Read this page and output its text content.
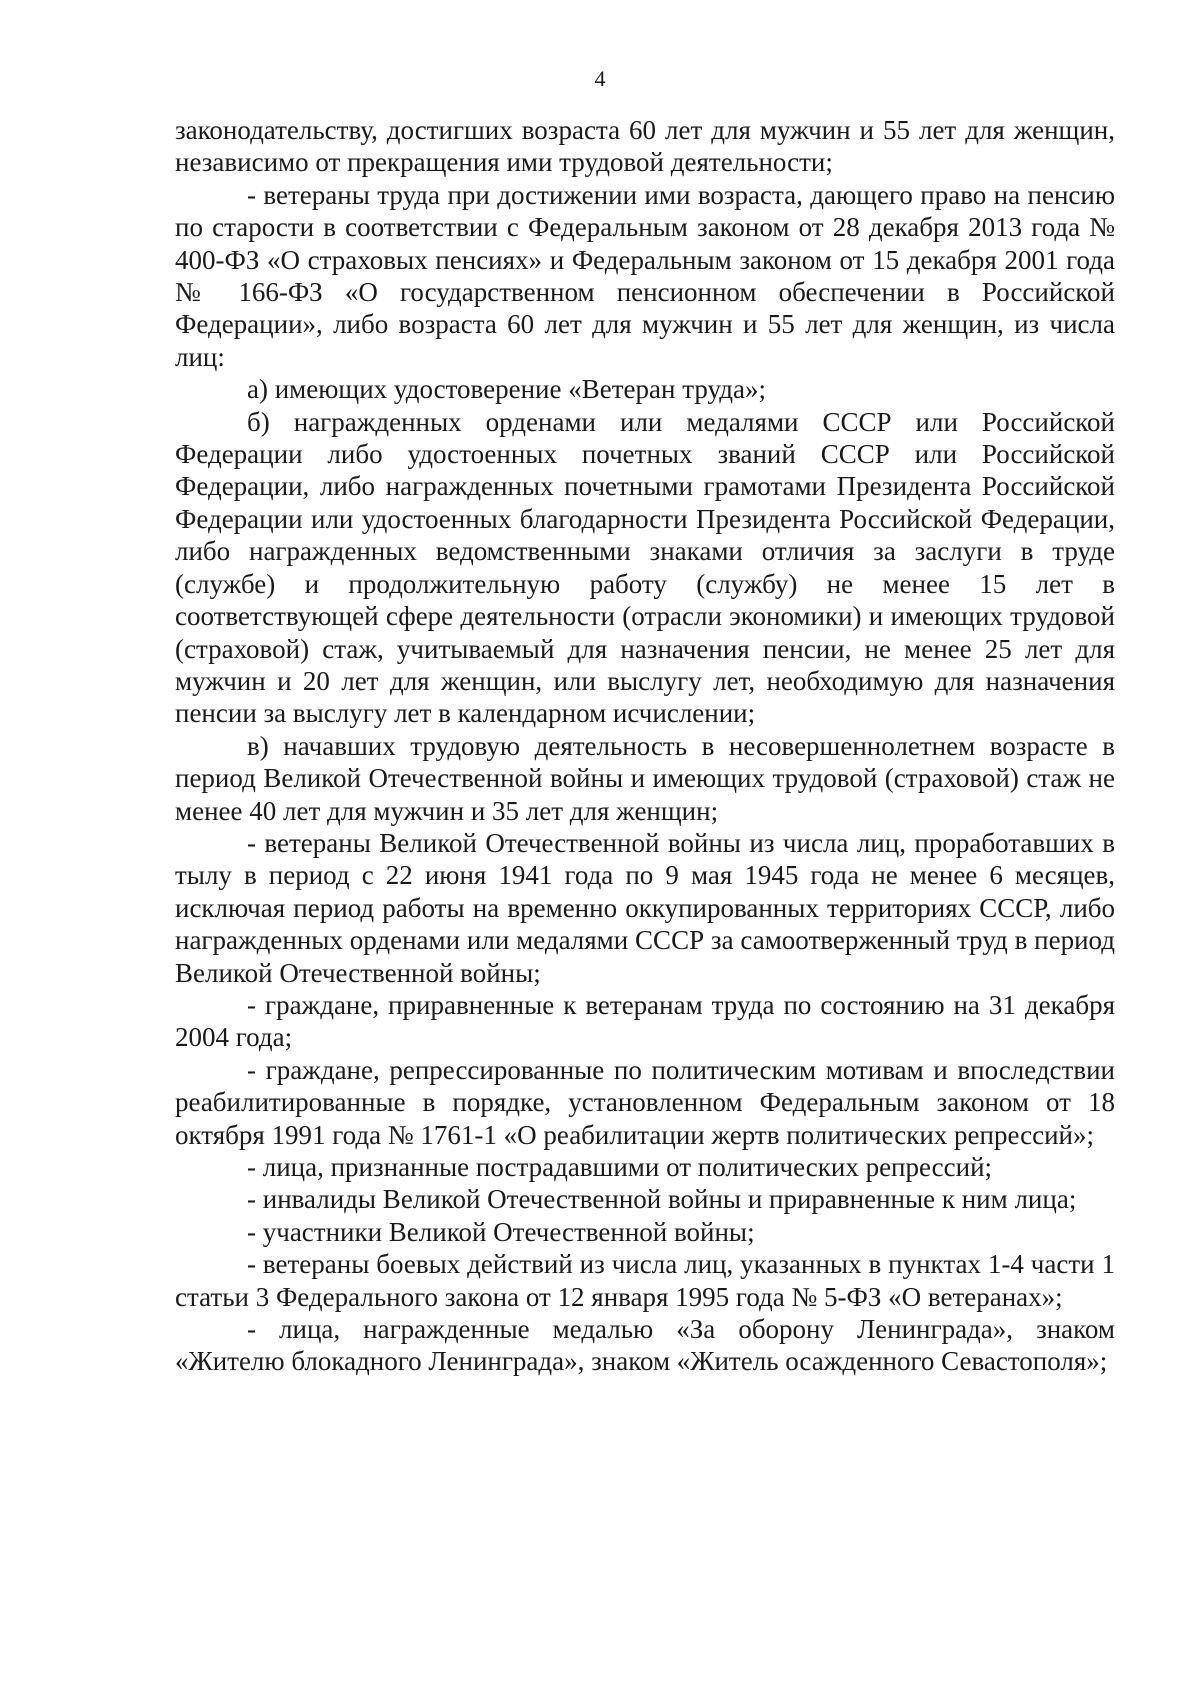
4

законодательству, достигших возраста 60 лет для мужчин и 55 лет для женщин, независимо от прекращения ими трудовой деятельности;

- ветераны труда при достижении ими возраста, дающего право на пенсию по старости в соответствии с Федеральным законом от 28 декабря 2013 года № 400-ФЗ «О страховых пенсиях» и Федеральным законом от 15 декабря 2001 года № 166-ФЗ «О государственном пенсионном обеспечении в Российской Федерации», либо возраста 60 лет для мужчин и 55 лет для женщин, из числа лиц:

а) имеющих удостоверение «Ветеран труда»;

б) награжденных орденами или медалями СССР или Российской Федерации либо удостоенных почетных званий СССР или Российской Федерации, либо награжденных почетными грамотами Президента Российской Федерации или удостоенных благодарности Президента Российской Федерации, либо награжденных ведомственными знаками отличия за заслуги в труде (службе) и продолжительную работу (службу) не менее 15 лет в соответствующей сфере деятельности (отрасли экономики) и имеющих трудовой (страховой) стаж, учитываемый для назначения пенсии, не менее 25 лет для мужчин и 20 лет для женщин, или выслугу лет, необходимую для назначения пенсии за выслугу лет в календарном исчислении;

в) начавших трудовую деятельность в несовершеннолетнем возрасте в период Великой Отечественной войны и имеющих трудовой (страховой) стаж не менее 40 лет для мужчин и 35 лет для женщин;

- ветераны Великой Отечественной войны из числа лиц, проработавших в тылу в период с 22 июня 1941 года по 9 мая 1945 года не менее 6 месяцев, исключая период работы на временно оккупированных территориях СССР, либо награжденных орденами или медалями СССР за самоотверженный труд в период Великой Отечественной войны;

- граждане, приравненные к ветеранам труда по состоянию на 31 декабря 2004 года;

- граждане, репрессированные по политическим мотивам и впоследствии реабилитированные в порядке, установленном Федеральным законом от 18 октября 1991 года № 1761-1 «О реабилитации жертв политических репрессий»;

- лица, признанные пострадавшими от политических репрессий;

- инвалиды Великой Отечественной войны и приравненные к ним лица;

- участники Великой Отечественной войны;

- ветераны боевых действий из числа лиц, указанных в пунктах 1-4 части 1 статьи 3 Федерального закона от 12 января 1995 года № 5-ФЗ «О ветеранах»;

- лица, награжденные медалью «За оборону Ленинграда», знаком «Жителю блокадного Ленинграда», знаком «Житель осажденного Севастополя»;
